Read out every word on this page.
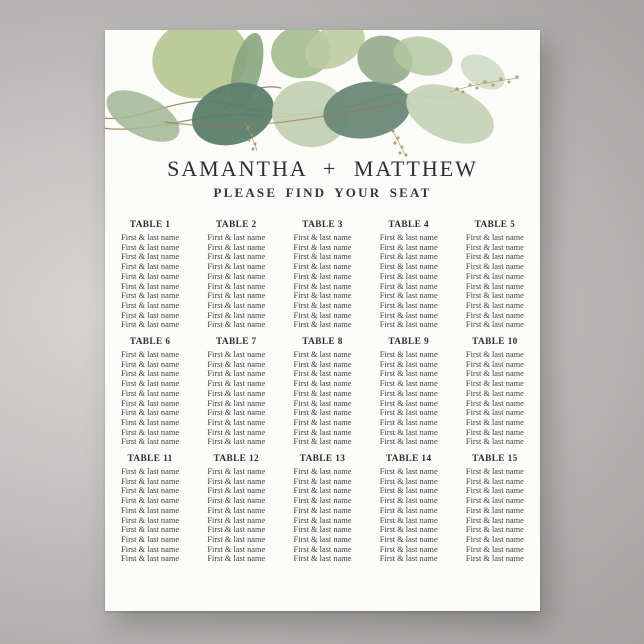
SAMANTHA + MATTHEW
PLEASE FIND YOUR SEAT
TABLE 1
First & last name
First & last name
First & last name
First & last name
First & last name
First & last name
First & last name
First & last name
First & last name
First & last name
TABLE 2
First & last name
First & last name
First & last name
First & last name
First & last name
First & last name
First & last name
First & last name
First & last name
First & last name
TABLE 3
First & last name
First & last name
First & last name
First & last name
First & last name
First & last name
First & last name
First & last name
First & last name
First & last name
TABLE 4
First & last name
First & last name
First & last name
First & last name
First & last name
First & last name
First & last name
First & last name
First & last name
First & last name
TABLE 5
First & last name
First & last name
First & last name
First & last name
First & last name
First & last name
First & last name
First & last name
First & last name
First & last name
TABLE 6
First & last name
First & last name
First & last name
First & last name
First & last name
First & last name
First & last name
First & last name
First & last name
First & last name
TABLE 7
First & last name
First & last name
First & last name
First & last name
First & last name
First & last name
First & last name
First & last name
First & last name
First & last name
TABLE 8
First & last name
First & last name
First & last name
First & last name
First & last name
First & last name
First & last name
First & last name
First & last name
First & last name
TABLE 9
First & last name
First & last name
First & last name
First & last name
First & last name
First & last name
First & last name
First & last name
First & last name
First & last name
TABLE 10
First & last name
First & last name
First & last name
First & last name
First & last name
First & last name
First & last name
First & last name
First & last name
First & last name
TABLE 11
First & last name
First & last name
First & last name
First & last name
First & last name
First & last name
First & last name
First & last name
First & last name
First & last name
TABLE 12
First & last name
First & last name
First & last name
First & last name
First & last name
First & last name
First & last name
First & last name
First & last name
First & last name
TABLE 13
First & last name
First & last name
First & last name
First & last name
First & last name
First & last name
First & last name
First & last name
First & last name
First & last name
TABLE 14
First & last name
First & last name
First & last name
First & last name
First & last name
First & last name
First & last name
First & last name
First & last name
First & last name
TABLE 15
First & last name
First & last name
First & last name
First & last name
First & last name
First & last name
First & last name
First & last name
First & last name
First & last name
